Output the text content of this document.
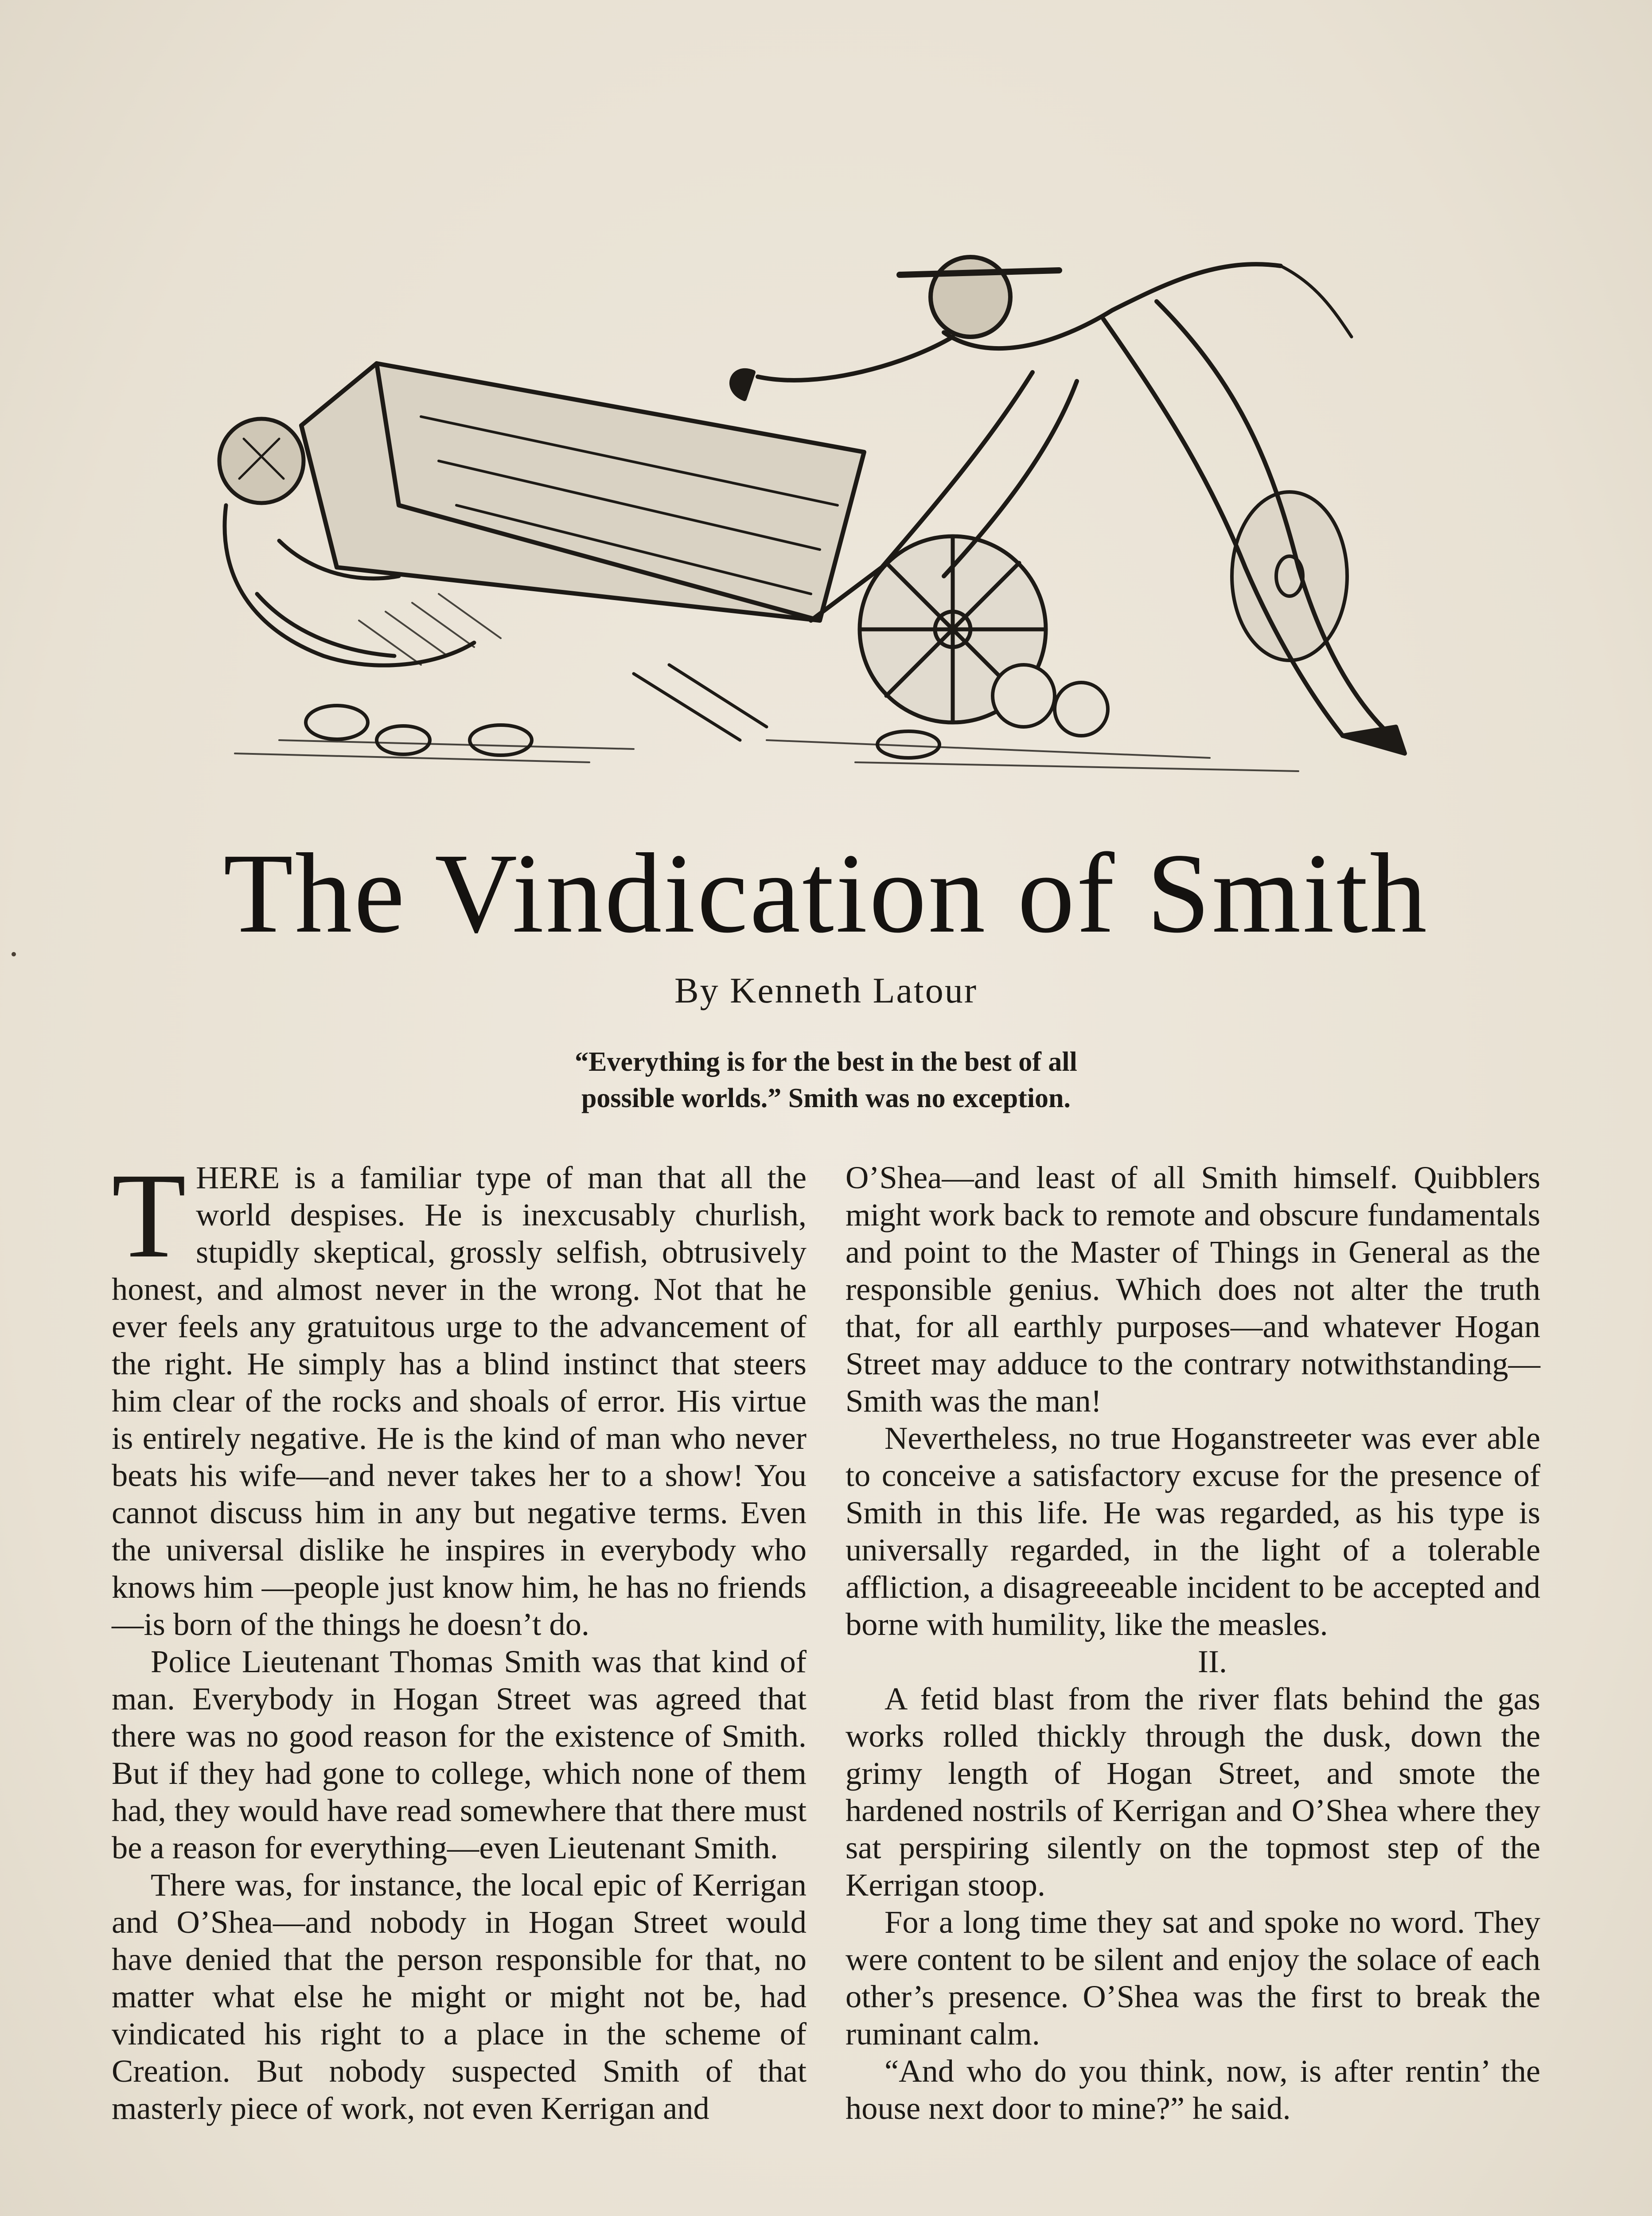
The Vindication of Smith
By Kenneth Latour

“Everything is for the best in the best of all

possible worlds.” Smith was no exception.

THERE is a familiar type of man that all the world despises. He is inexcusably churlish, stupidly skeptical, grossly selfish, obtrusively honest, and almost never in the wrong. Not that he ever feels any gratuitous urge to the advancement of the right. He simply has a blind instinct that steers him clear of the rocks and shoals of error. His virtue is entirely negative. He is the kind of man who never beats his wife—and never takes her to a show! You cannot discuss him in any but negative terms. Even the universal dislike he inspires in everybody who knows him —people just know him, he has no friends —is born of the things he doesn’t do.

Police Lieutenant Thomas Smith was that kind of man. Everybody in Hogan Street was agreed that there was no good reason for the existence of Smith. But if they had gone to college, which none of them had, they would have read somewhere that there must be a reason for everything—even Lieutenant Smith.

There was, for instance, the local epic of Kerrigan and O’Shea—and nobody in Hogan Street would have denied that the person responsible for that, no matter what else he might or might not be, had vindicated his right to a place in the scheme of Creation. But nobody suspected Smith of that masterly piece of work, not even Kerrigan and

O’Shea—and least of all Smith himself. Quibblers might work back to remote and obscure fundamentals and point to the Master of Things in General as the responsible genius. Which does not alter the truth that, for all earthly purposes—and whatever Hogan Street may adduce to the contrary notwithstanding—Smith was the man!

Nevertheless, no true Hoganstreeter was ever able to conceive a satisfactory excuse for the presence of Smith in this life. He was regarded, as his type is universally regarded, in the light of a tolerable affliction, a disagreeeable incident to be accepted and borne with humility, like the measles.

II.

A fetid blast from the river flats behind the gas works rolled thickly through the dusk, down the grimy length of Hogan Street, and smote the hardened nostrils of Kerrigan and O’Shea where they sat perspiring silently on the topmost step of the Kerrigan stoop.

For a long time they sat and spoke no word. They were content to be silent and enjoy the solace of each other’s presence. O’Shea was the first to break the ruminant calm.

“And who do you think, now, is after rentin’ the house next door to mine?” he said.
